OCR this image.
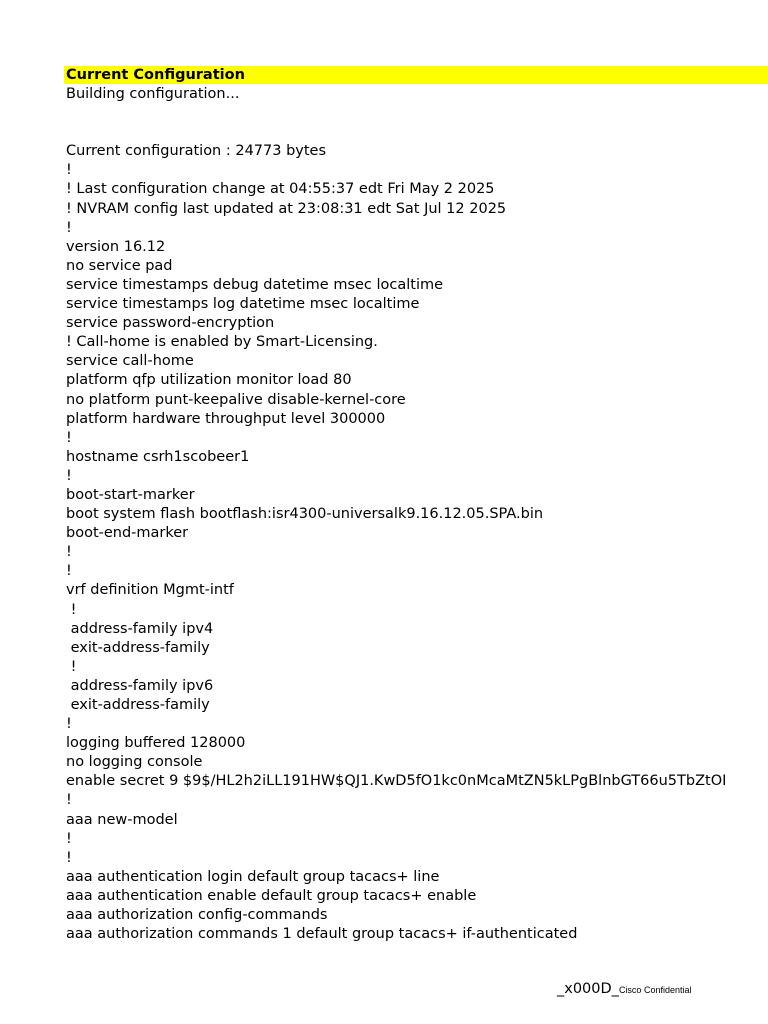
Current Configuration
Building configuration...
Current configuration : 24773 bytes
!
! Last configuration change at 04:55:37 edt Fri May 2 2025
! NVRAM config last updated at 23:08:31 edt Sat Jul 12 2025
!
version 16.12
no service pad
service timestamps debug datetime msec localtime
service timestamps log datetime msec localtime
service password-encryption
! Call-home is enabled by Smart-Licensing.
service call-home
platform qfp utilization monitor load 80
no platform punt-keepalive disable-kernel-core
platform hardware throughput level 300000
!
hostname csrh1scobeer1
!
boot-start-marker
boot system flash bootflash:isr4300-universalk9.16.12.05.SPA.bin
boot-end-marker
!
!
vrf definition Mgmt-intf
!
address-family ipv4
exit-address-family
!
address-family ipv6
exit-address-family
!
logging buffered 128000
no logging console
enable secret 9 $9$/HL2h2iLL191HW$QJ1.KwD5fO1kc0nMcaMtZN5kLPgBlnbGT66u5TbZtOI
!
aaa new-model
!
!
aaa authentication login default group tacacs+ line
aaa authentication enable default group tacacs+ enable
aaa authorization config-commands
aaa authorization commands 1 default group tacacs+ if-authenticated
_x000D_Cisco Confidential
